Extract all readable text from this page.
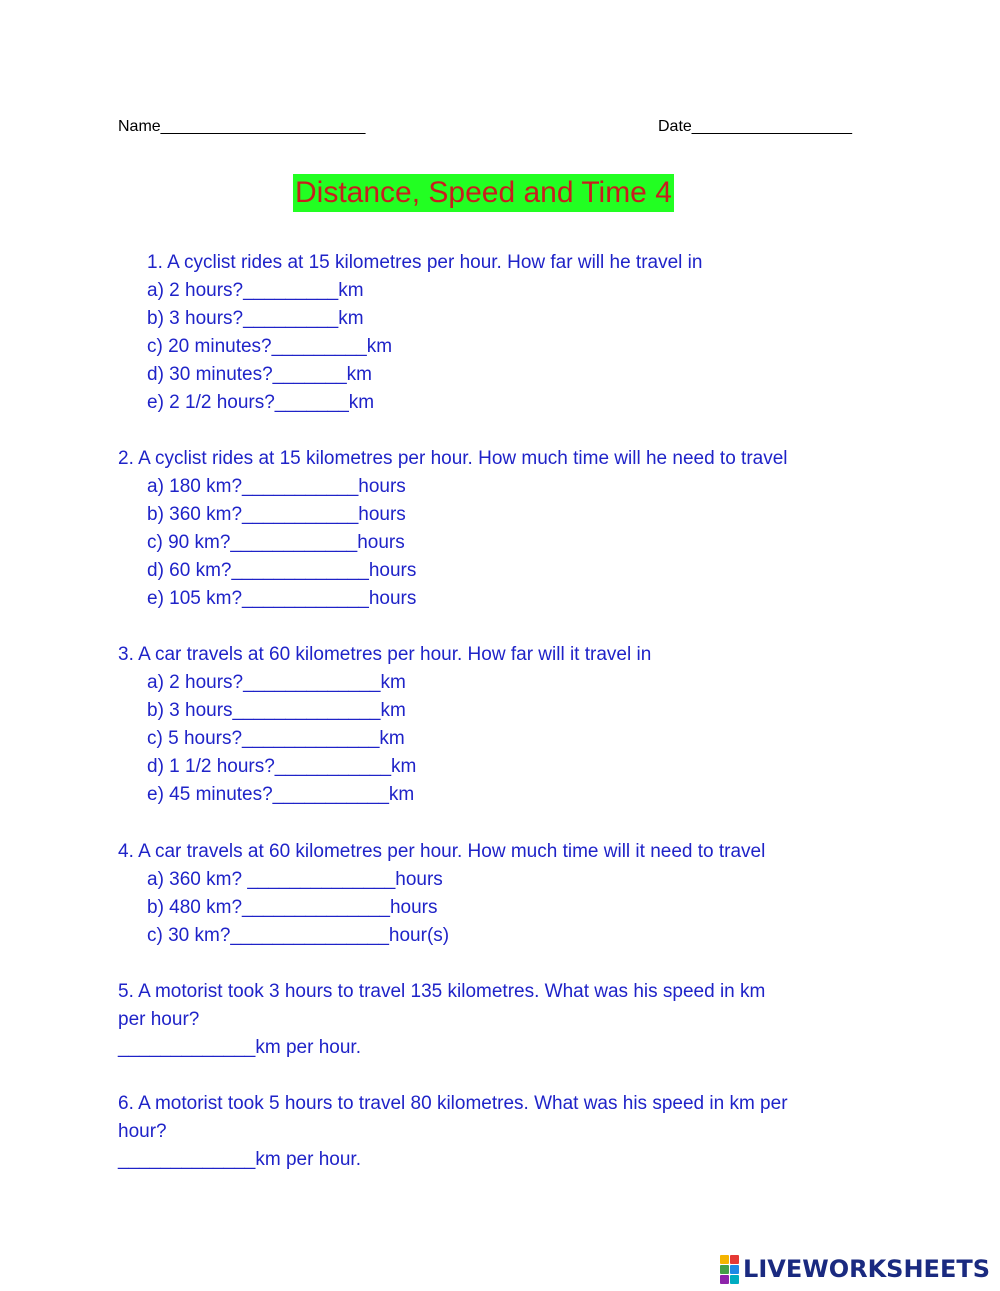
Name_______________________	Date__________________
Distance, Speed and Time 4
1. A cyclist rides at 15 kilometres per hour. How far will he travel in
a) 2 hours?_________km
b) 3 hours?_________km
c) 20 minutes?_________km
d) 30 minutes?_______km
e) 2 1/2 hours?_______km
2. A cyclist rides at 15 kilometres per hour. How much time will he need to travel
a) 180 km?___________hours
b) 360 km?___________hours
c) 90 km?____________hours
d) 60 km?_____________hours
e) 105 km?____________hours
3. A car travels at 60 kilometres per hour. How far will it travel in
a) 2 hours?_____________km
b) 3 hours______________km
c) 5 hours?_____________km
d) 1 1/2 hours?___________km
e) 45 minutes?___________km
4. A car travels at 60 kilometres per hour. How much time will it need to travel
a) 360 km? ______________hours
b) 480 km?______________hours
c) 30 km?_______________hour(s)
5. A motorist took 3 hours to travel 135 kilometres. What was his speed in km
per hour?
_____________km per hour.
6. A motorist took 5 hours to travel 80 kilometres. What was his speed in km per
hour?
_____________km per hour.
LIVEWORKSHEETS
